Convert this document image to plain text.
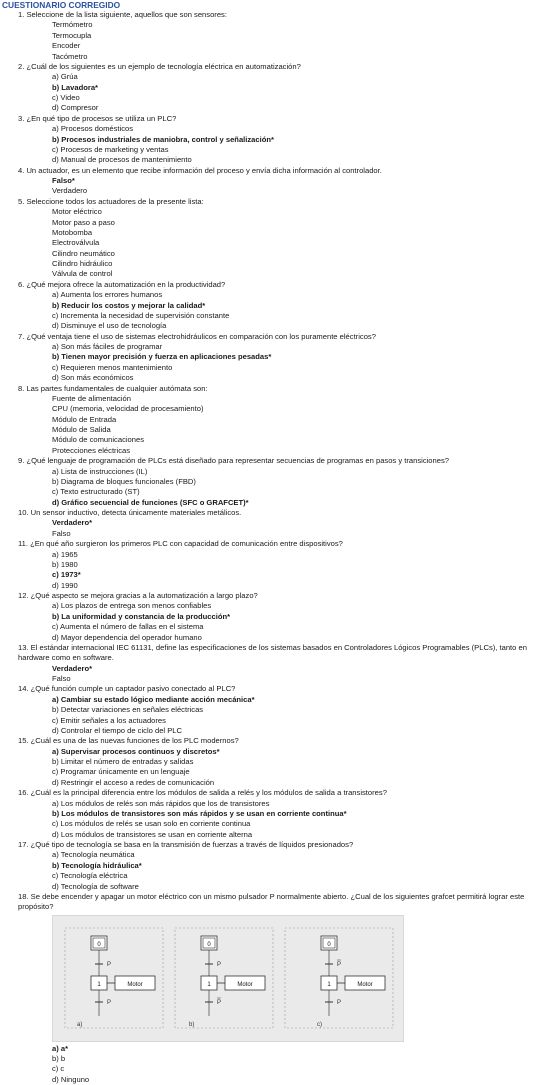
CUESTIONARIO CORREGIDO
1. Seleccione de la lista siguiente, aquellos que son sensores:
Termómetro
Termocupla
Encoder
Tacómetro
2. ¿Cuál de los siguientes es un ejemplo de tecnología eléctrica en automatización?
a) Grúa
b) Lavadora*
c) Video
d) Compresor
3. ¿En qué tipo de procesos se utiliza un PLC?
a) Procesos domésticos
b) Procesos industriales de maniobra, control y señalización*
c) Procesos de marketing y ventas
d) Manual de procesos de mantenimiento
4. Un actuador, es un elemento que recibe información del proceso y envía dicha información al controlador.
Falso*
Verdadero
5. Seleccione todos los actuadores de la presente lista:
Motor eléctrico
Motor paso a paso
Motobomba
Electroválvula
Cilindro neumático
Cilindro hidráulico
Válvula de control
6. ¿Qué mejora ofrece la automatización en la productividad?
a) Aumenta los errores humanos
b) Reducir los costos y mejorar la calidad*
c) Incrementa la necesidad de supervisión constante
d) Disminuye el uso de tecnología
7. ¿Qué ventaja tiene el uso de sistemas electrohidráulicos en comparación con los puramente eléctricos?
a) Son más fáciles de programar
b) Tienen mayor precisión y fuerza en aplicaciones pesadas*
c) Requieren menos mantenimiento
d) Son más económicos
8. Las partes fundamentales de cualquier autómata son:
Fuente de alimentación
CPU (memoria, velocidad de procesamiento)
Módulo de Entrada
Módulo de Salida
Módulo de comunicaciones
Protecciones eléctricas
9. ¿Qué lenguaje de programación de PLCs está diseñado para representar secuencias de programas en pasos y transiciones?
a) Lista de instrucciones (IL)
b) Diagrama de bloques funcionales (FBD)
c) Texto estructurado (ST)
d) Gráfico secuencial de funciones (SFC o GRAFCET)*
10. Un sensor inductivo, detecta únicamente materiales metálicos.
Verdadero*
Falso
11. ¿En qué año surgieron los primeros PLC con capacidad de comunicación entre dispositivos?
a) 1965
b) 1980
c) 1973*
d) 1990
12. ¿Qué aspecto se mejora gracias a la automatización a largo plazo?
a) Los plazos de entrega son menos confiables
b) La uniformidad y constancia de la producción*
c) Aumenta el número de fallas en el sistema
d) Mayor dependencia del operador humano
13. El estándar internacional IEC 61131, define las especificaciones de los sistemas basados en Controladores Lógicos Programables (PLCs), tanto en hardware como en software.
Verdadero*
Falso
14. ¿Qué función cumple un captador pasivo conectado al PLC?
a) Cambiar su estado lógico mediante acción mecánica*
b) Detectar variaciones en señales eléctricas
c) Emitir señales a los actuadores
d) Controlar el tiempo de ciclo del PLC
15. ¿Cuál es una de las nuevas funciones de los PLC modernos?
a) Supervisar procesos continuos y discretos*
b) Limitar el número de entradas y salidas
c) Programar únicamente en un lenguaje
d) Restringir el acceso a redes de comunicación
16. ¿Cuál es la principal diferencia entre los módulos de salida a relés y los módulos de salida a transistores?
a) Los módulos de relés son más rápidos que los de transistores
b) Los módulos de transistores son más rápidos y se usan en corriente continua*
c) Los módulos de relés se usan solo en corriente continua
d) Los módulos de transistores se usan en corriente alterna
17. ¿Qué tipo de tecnología se basa en la transmisión de fuerzas a través de líquidos presionados?
a) Tecnología neumática
b) Tecnología hidráulica*
c) Tecnología eléctrica
d) Tecnología de software
18. Se debe encender y apagar un motor eléctrico con un mismo pulsador P normalmente abierto. ¿Cual de los siguientes grafcet permitirá lograr este propósito?
0
P
1	Motor
P
a)
0
P
1	Motor
P
b)
0
P
1	Motor
P
c)
a) a*
b) b
c) c
d) Ninguno
